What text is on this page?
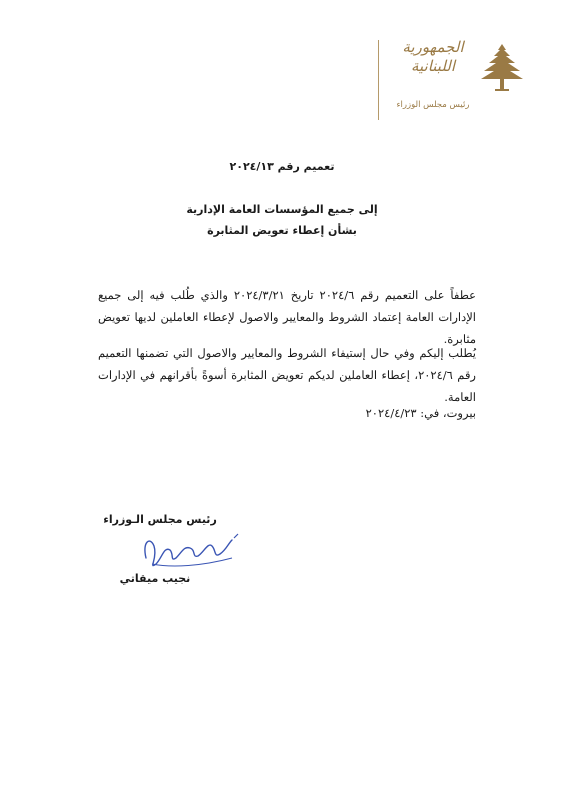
الجمهورية اللبنانية
رئيس مجلس الوزراء
تعميم رقم ٢٠٢٤/١٣
إلى جميع المؤسسات العامة الإدارية
بشأن إعطاء تعويض المثابرة
عطفاً على التعميم رقم ٢٠٢٤/٦ تاريخ ٢٠٢٤/٣/٢١ والذي طُلب فيه إلى جميع الإدارات العامة إعتماد الشروط والمعايير والاصول لإعطاء العاملين لديها تعويض مثابرة.
يُطلب إليكم وفي حال إستيفاء الشروط والمعايير والاصول التي تضمنها التعميم رقم ٢٠٢٤/٦، إعطاء العاملين لديكم تعويض المثابرة أسوةً بأقرانهم في الإدارات العامة.
بيروت، في: ٢٠٢٤/٤/٢٣
رئيس مجلس الـوزراء
نجيب ميقاتي
